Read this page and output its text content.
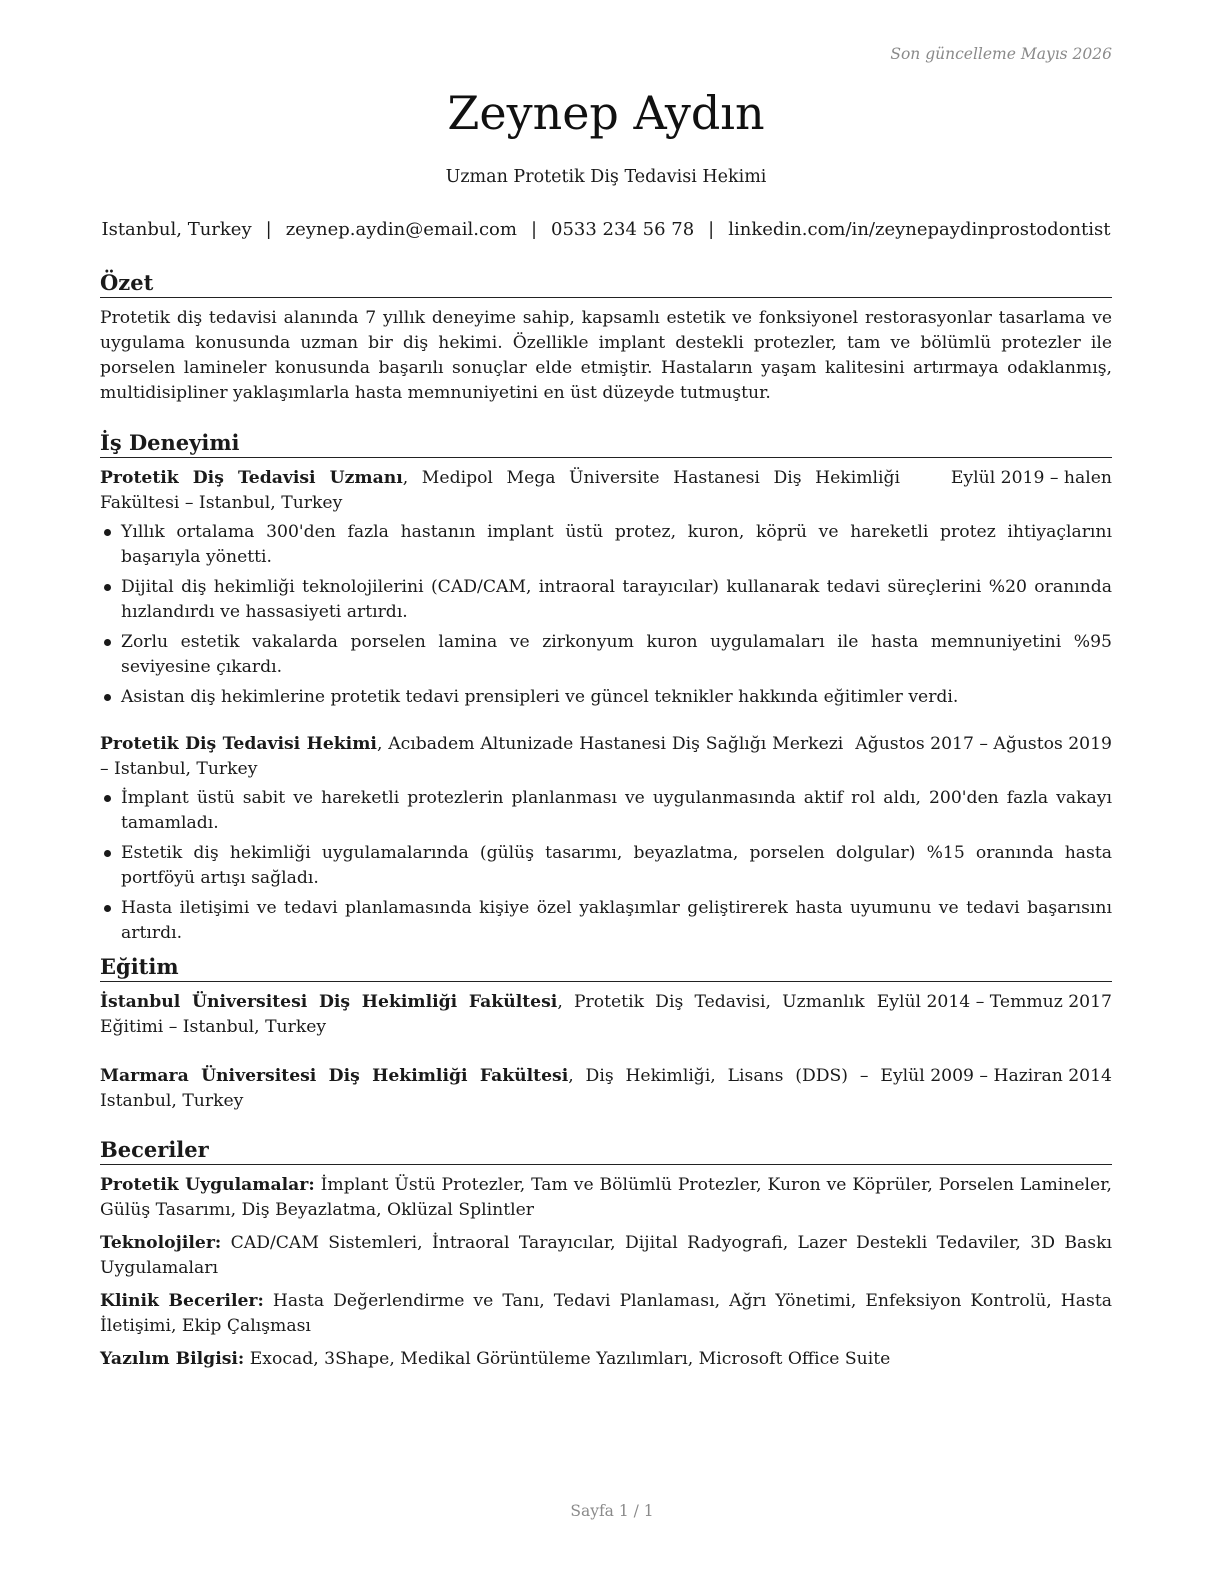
Son güncelleme Mayıs 2026
Zeynep Aydın
Uzman Protetik Diş Tedavisi Hekimi
Istanbul, Turkey | zeynep.aydin@email.com | 0533 234 56 78 | linkedin.com/in/zeynepaydinprostodontist
Özet

Protetik diş tedavisi alanında 7 yıllık deneyime sahip, kapsamlı estetik ve fonksiyonel restorasyonlar tasarlama ve uygulama konusunda uzman bir diş hekimi. Özellikle implant destekli protezler, tam ve bölümlü protezler ile porselen lamineler konusunda başarılı sonuçlar elde etmiştir. Hastaların yaşam kalitesini artırmaya odaklanmış, multidisipliner yaklaşımlarla hasta memnuniyetini en üst düzeyde tutmuştur.

İş Deneyimi
Protetik Diş Tedavisi Uzmanı, Medipol Mega Üniversite Hastanesi Diş Hekimliği Fakültesi – Istanbul, Turkey
Eylül 2019 – halen
Yıllık ortalama 300'den fazla hastanın implant üstü protez, kuron, köprü ve hareketli protez ihtiyaçlarını başarıyla yönetti.
Dijital diş hekimliği teknolojilerini (CAD/CAM, intraoral tarayıcılar) kullanarak tedavi süreçlerini %20 oranında hızlandırdı ve hassasiyeti artırdı.
Zorlu estetik vakalarda porselen lamina ve zirkonyum kuron uygulamaları ile hasta memnuniyetini %95 seviyesine çıkardı.
Asistan diş hekimlerine protetik tedavi prensipleri ve güncel teknikler hakkında eğitimler verdi.
Protetik Diş Tedavisi Hekimi, Acıbadem Altunizade Hastanesi Diş Sağlığı Merkezi – Istanbul, Turkey
Ağustos 2017 – Ağustos 2019
İmplant üstü sabit ve hareketli protezlerin planlanması ve uygulanmasında aktif rol aldı, 200'den fazla vakayı tamamladı.
Estetik diş hekimliği uygulamalarında (gülüş tasarımı, beyazlatma, porselen dolgular) %15 oranında hasta portföyü artışı sağladı.
Hasta iletişimi ve tedavi planlamasında kişiye özel yaklaşımlar geliştirerek hasta uyumunu ve tedavi başarısını artırdı.
Eğitim
İstanbul Üniversitesi Diş Hekimliği Fakültesi, Protetik Diş Tedavisi, Uzmanlık Eğitimi – Istanbul, Turkey
Eylül 2014 – Temmuz 2017
Marmara Üniversitesi Diş Hekimliği Fakültesi, Diş Hekimliği, Lisans (DDS) – Istanbul, Turkey
Eylül 2009 – Haziran 2014
Beceriler

Protetik Uygulamalar: İmplant Üstü Protezler, Tam ve Bölümlü Protezler, Kuron ve Köprüler, Porselen Lamineler, Gülüş Tasarımı, Diş Beyazlatma, Oklüzal Splintler

Teknolojiler: CAD/CAM Sistemleri, İntraoral Tarayıcılar, Dijital Radyografi, Lazer Destekli Tedaviler, 3D Baskı Uygulamaları

Klinik Beceriler: Hasta Değerlendirme ve Tanı, Tedavi Planlaması, Ağrı Yönetimi, Enfeksiyon Kontrolü, Hasta İletişimi, Ekip Çalışması

Yazılım Bilgisi: Exocad, 3Shape, Medikal Görüntüleme Yazılımları, Microsoft Office Suite

Sayfa 1 / 1
